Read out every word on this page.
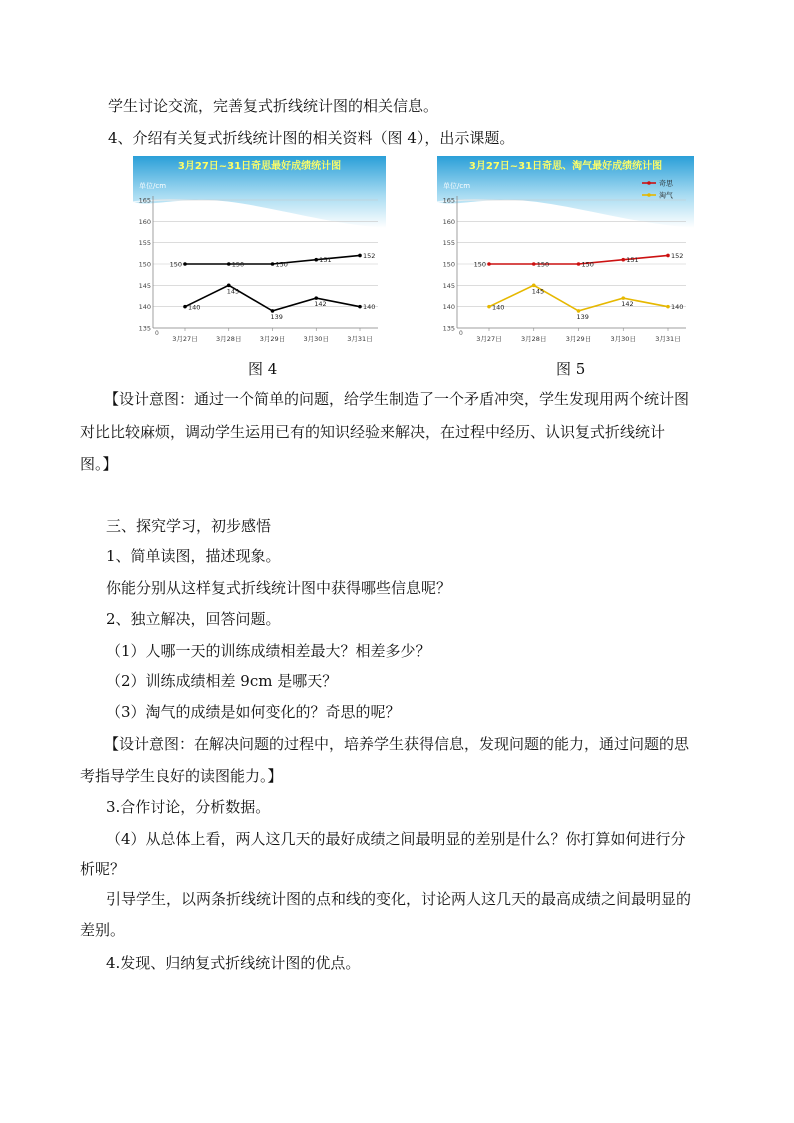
学生讨论交流，完善复式折线统计图的相关信息。
4、介绍有关复式折线统计图的相关资料（图 4），出示课题。
3月27日~31日奇思最好成绩统计图
单位/cm
165
160
155
150
145
140
135
0
3月27日	3月28日	3月29日	3月30日	3月31日
150	150	150
151
152
140
145
139
142	140
图 4
3月27日~31日奇思、淘气最好成绩统计图
单位/cm
165
160
155
150
145
140
135
0
3月27日	3月28日	3月29日	3月30日	3月31日
150	150	150
151
152
140
145
139
142	140
奇思
淘气
图 5
【设计意图：通过一个简单的问题，给学生制造了一个矛盾冲突，学生发现用两个统计图
对比比较麻烦，调动学生运用已有的知识经验来解决，在过程中经历、认识复式折线统计
图。】
三、探究学习，初步感悟
1、简单读图，描述现象。
你能分别从这样复式折线统计图中获得哪些信息呢？
2、独立解决，回答问题。
（1）人哪一天的训练成绩相差最大？相差多少？
（2）训练成绩相差 9cm 是哪天？
（3）淘气的成绩是如何变化的？奇思的呢？
【设计意图：在解决问题的过程中，培养学生获得信息，发现问题的能力，通过问题的思
考指导学生良好的读图能力。】
3.合作讨论，分析数据。
（4）从总体上看，两人这几天的最好成绩之间最明显的差别是什么？你打算如何进行分
析呢？
引导学生，以两条折线统计图的点和线的变化，讨论两人这几天的最高成绩之间最明显的
差别。
4.发现、归纳复式折线统计图的优点。
